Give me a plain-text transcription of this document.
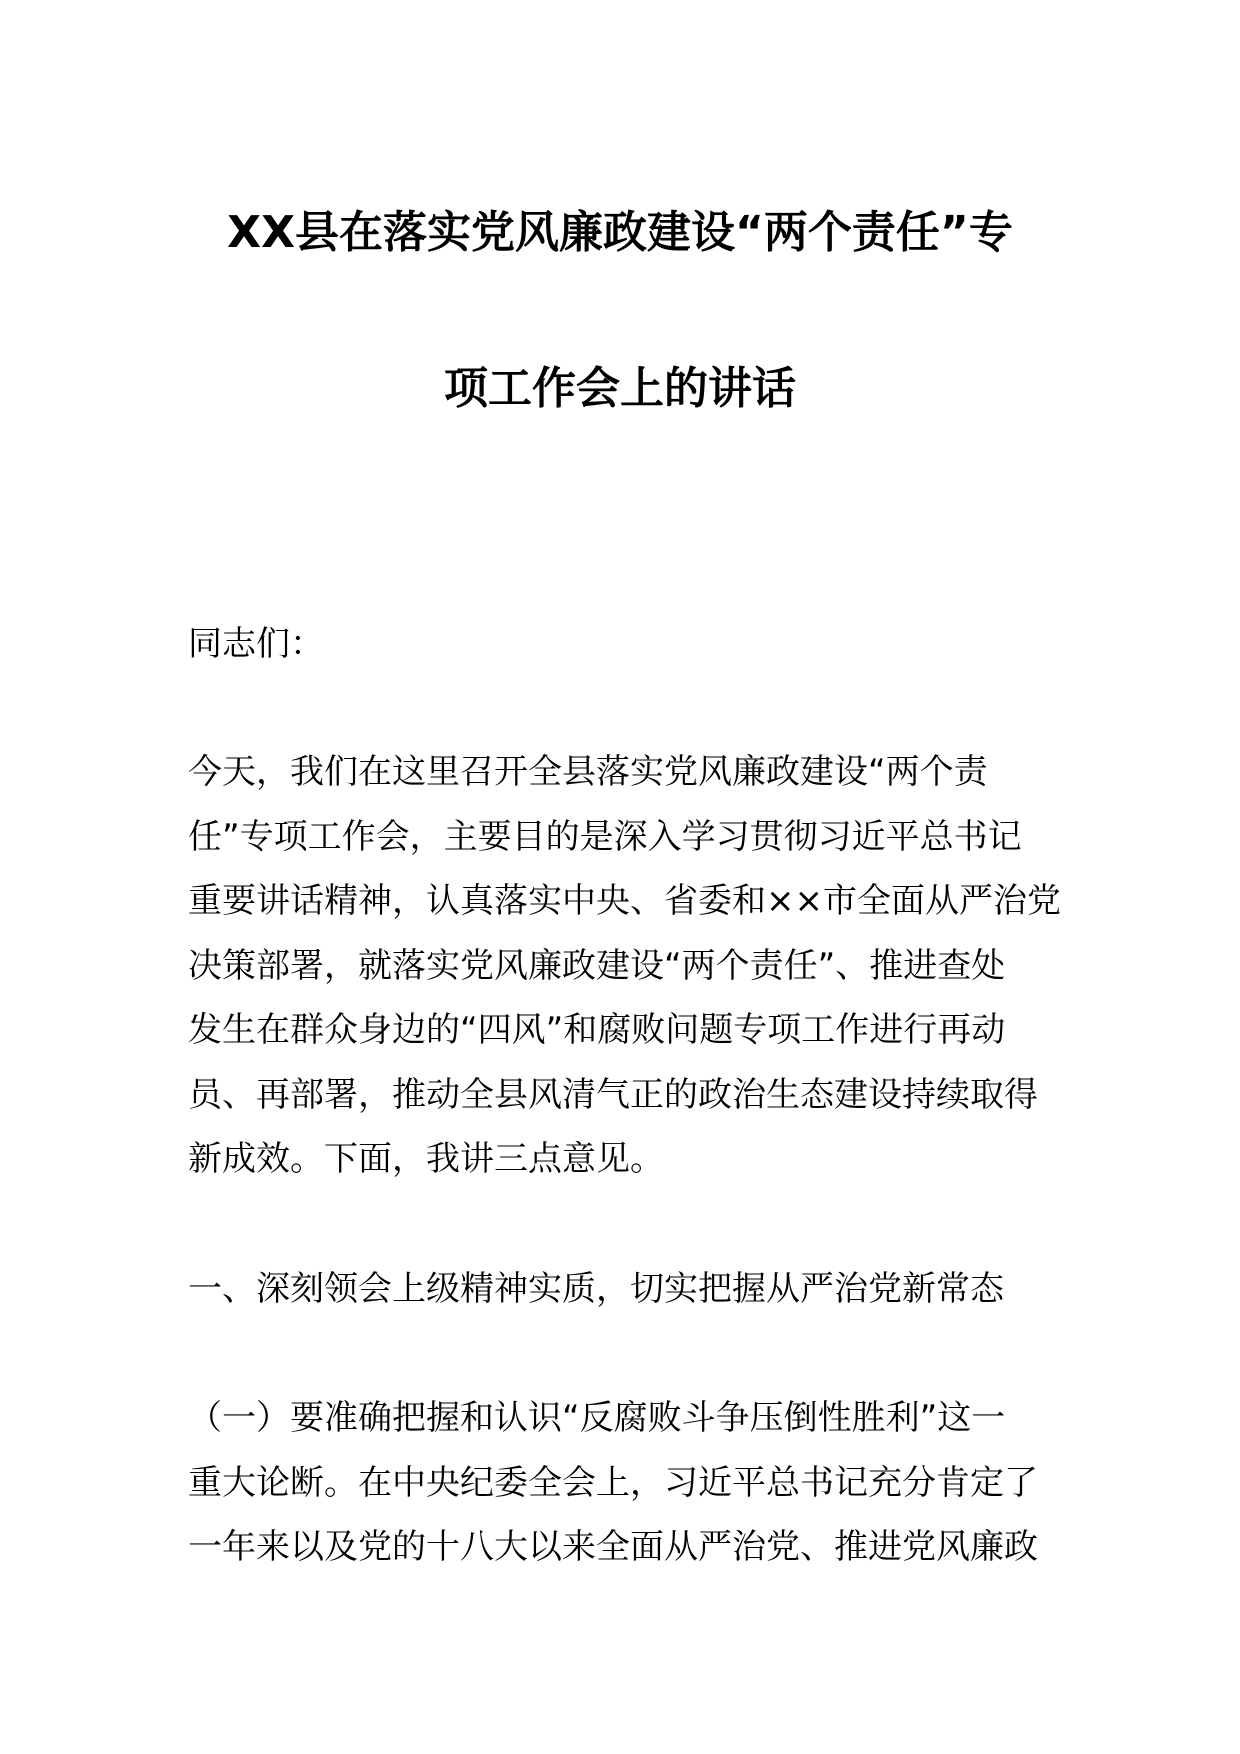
XX县在落实党风廉政建设“两个责任”专
项工作会上的讲话
同志们：
今天，我们在这里召开全县落实党风廉政建设“两个责
任”专项工作会，主要目的是深入学习贯彻习近平总书记
重要讲话精神，认真落实中央、省委和××市全面从严治党
决策部署，就落实党风廉政建设“两个责任”、推进查处
发生在群众身边的“四风”和腐败问题专项工作进行再动
员、再部署，推动全县风清气正的政治生态建设持续取得
新成效。下面，我讲三点意见。
一、深刻领会上级精神实质，切实把握从严治党新常态
（一）要准确把握和认识“反腐败斗争压倒性胜利”这一
重大论断。在中央纪委全会上，习近平总书记充分肯定了
一年来以及党的十八大以来全面从严治党、推进党风廉政
